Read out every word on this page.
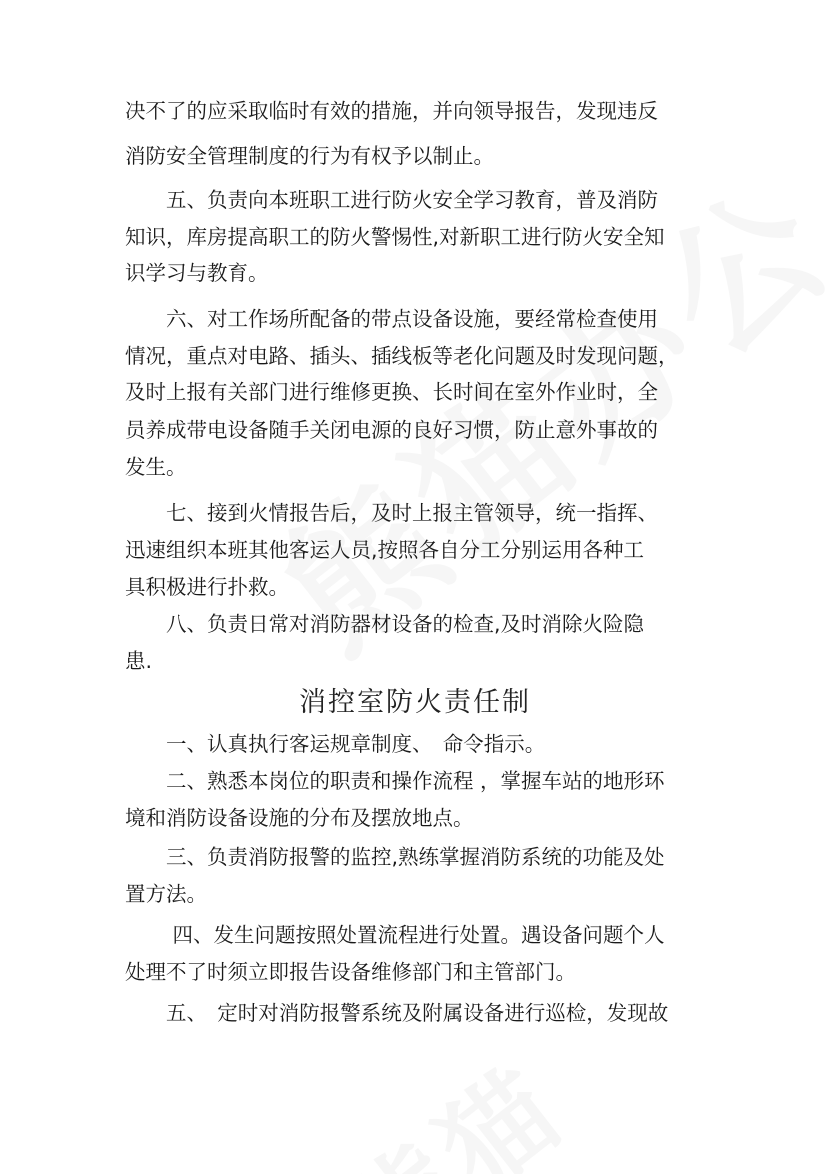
决不了的应采取临时有效的措施，并向领导报告，发现违反
消防安全管理制度的行为有权予以制止。
　　五、负责向本班职工进行防火安全学习教育，普及消防
知识，库房提高职工的防火警惕性,对新职工进行防火安全知
识学习与教育。
　　六、对工作场所配备的带点设备设施，要经常检查使用
情况，重点对电路、插头、插线板等老化问题及时发现问题，
及时上报有关部门进行维修更换、长时间在室外作业时，全
员养成带电设备随手关闭电源的良好习惯，防止意外事故的
发生。
　　七、接到火情报告后，及时上报主管领导，统一指挥、
迅速组织本班其他客运人员,按照各自分工分别运用各种工
具积极进行扑救。
　　八、负责日常对消防器材设备的检查,及时消除火险隐
患.
消控室防火责任制
　　一、认真执行客运规章制度、　命令指示。
　　二、熟悉本岗位的职责和操作流程 ，掌握车站的地形环
境和消防设备设施的分布及摆放地点。
　　三、负责消防报警的监控,熟练掌握消防系统的功能及处
置方法。
　　 四、发生问题按照处置流程进行处置。遇设备问题个人
处理不了时须立即报告设备维修部门和主管部门。
　　五、　定时对消防报警系统及附属设备进行巡检，发现故
